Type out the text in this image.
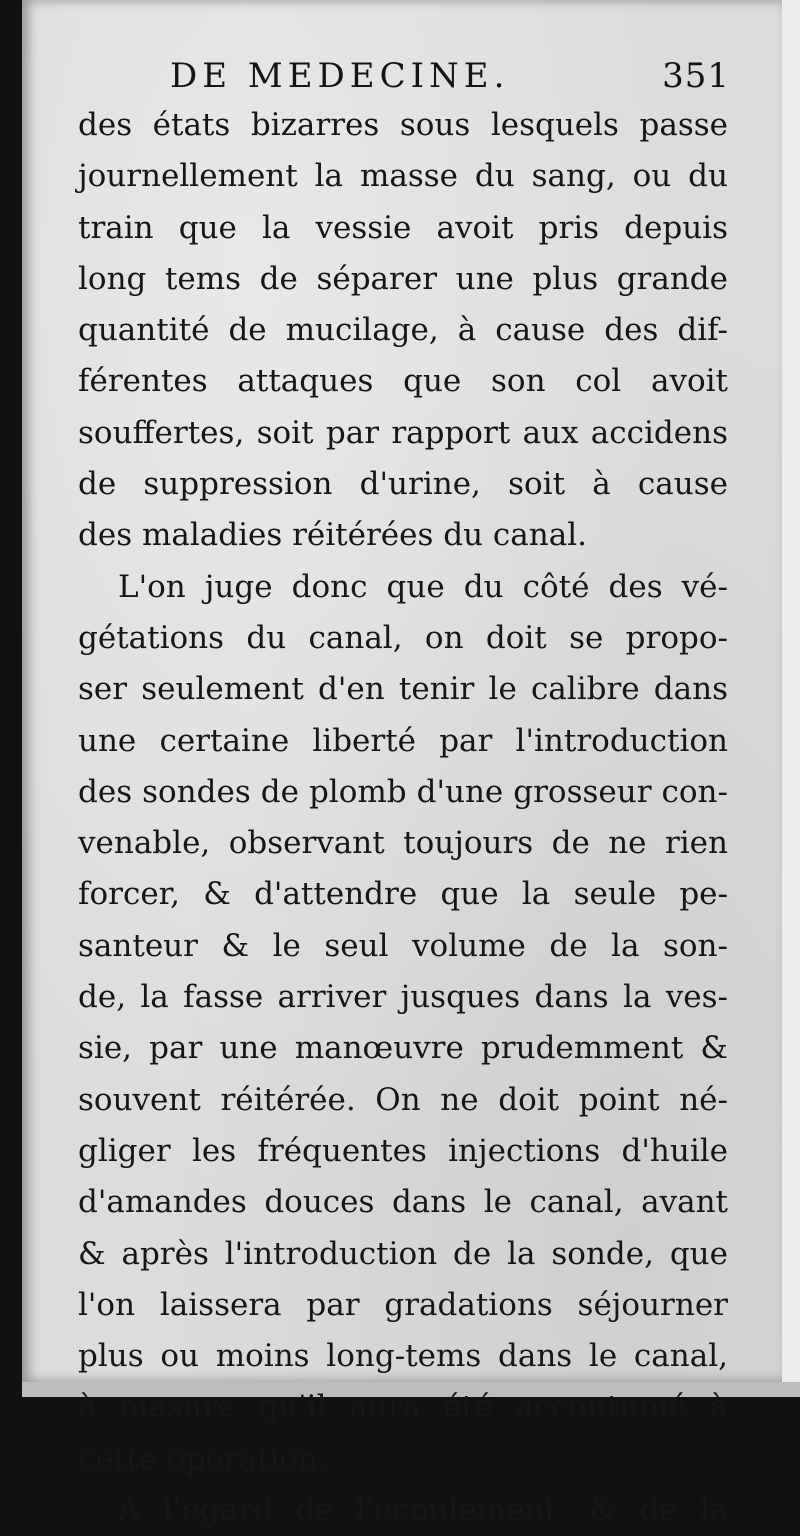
DE MEDECINE.	351
des états bizarres sous lesquels passe
journellement la masse du sang, ou du
train que la vessie avoit pris depuis
long tems de séparer une plus grande
quantité de mucilage, à cause des dif-
férentes attaques que son col avoit
souffertes, soit par rapport aux accidens
de suppression d'urine, soit à cause
des maladies réitérées du canal.
L'on juge donc que du côté des vé-
gétations du canal, on doit se propo-
ser seulement d'en tenir le calibre dans
une certaine liberté par l'introduction
des sondes de plomb d'une grosseur con-
venable, observant toujours de ne rien
forcer, & d'attendre que la seule pe-
santeur & le seul volume de la son-
de, la fasse arriver jusques dans la ves-
sie, par une manœuvre prudemment &
souvent réitérée. On ne doit point né-
gliger les fréquentes injections d'huile
d'amandes douces dans le canal, avant
& après l'introduction de la sonde, que
l'on laissera par gradations séjourner
plus ou moins long-tems dans le canal,
à mesure qu'il aura été accoutumé à
cette opération.
A l'égard de l'écoulement, & de la
